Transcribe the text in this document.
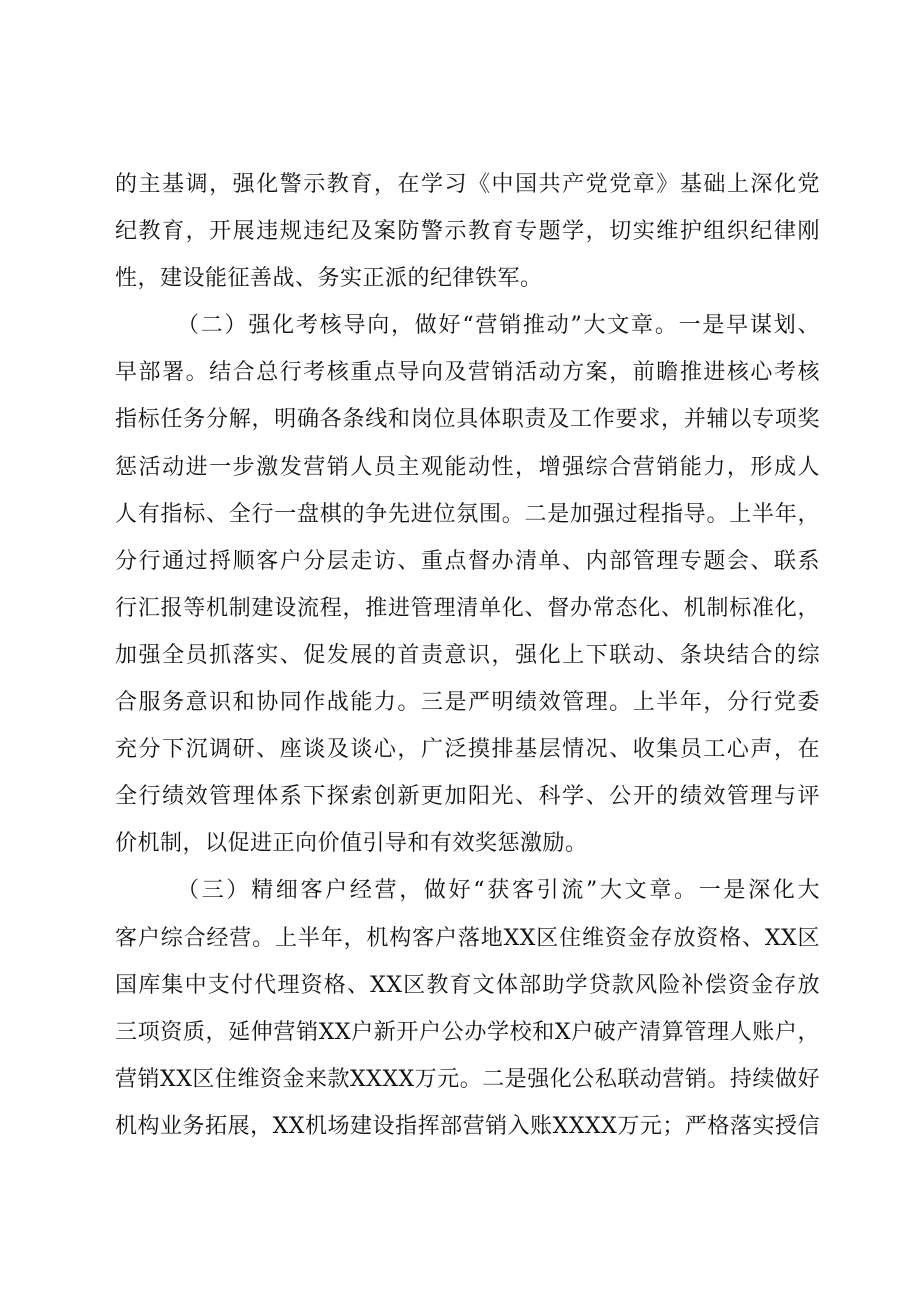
的主基调，强化警示教育，在学习《中国共产党党章》基础上深化党
纪教育，开展违规违纪及案防警示教育专题学，切实维护组织纪律刚
性，建设能征善战、务实正派的纪律铁军。
（二）强化考核导向，做好“营销推动”大文章。一是早谋划、
早部署。结合总行考核重点导向及营销活动方案，前瞻推进核心考核
指标任务分解，明确各条线和岗位具体职责及工作要求，并辅以专项奖
惩活动进一步激发营销人员主观能动性，增强综合营销能力，形成人
人有指标、全行一盘棋的争先进位氛围。二是加强过程指导。上半年，
分行通过捋顺客户分层走访、重点督办清单、内部管理专题会、联系
行汇报等机制建设流程，推进管理清单化、督办常态化、机制标准化，
加强全员抓落实、促发展的首责意识，强化上下联动、条块结合的综
合服务意识和协同作战能力。三是严明绩效管理。上半年，分行党委
充分下沉调研、座谈及谈心，广泛摸排基层情况、收集员工心声，在
全行绩效管理体系下探索创新更加阳光、科学、公开的绩效管理与评
价机制，以促进正向价值引导和有效奖惩激励。
（三）精细客户经营，做好“获客引流”大文章。一是深化大
客户综合经营。上半年，机构客户落地XX区住维资金存放资格、XX区
国库集中支付代理资格、XX区教育文体部助学贷款风险补偿资金存放
三项资质，延伸营销XX户新开户公办学校和X户破产清算管理人账户，
营销XX区住维资金来款XXXX万元。二是强化公私联动营销。持续做好
机构业务拓展，XX机场建设指挥部营销入账XXXX万元；严格落实授信
